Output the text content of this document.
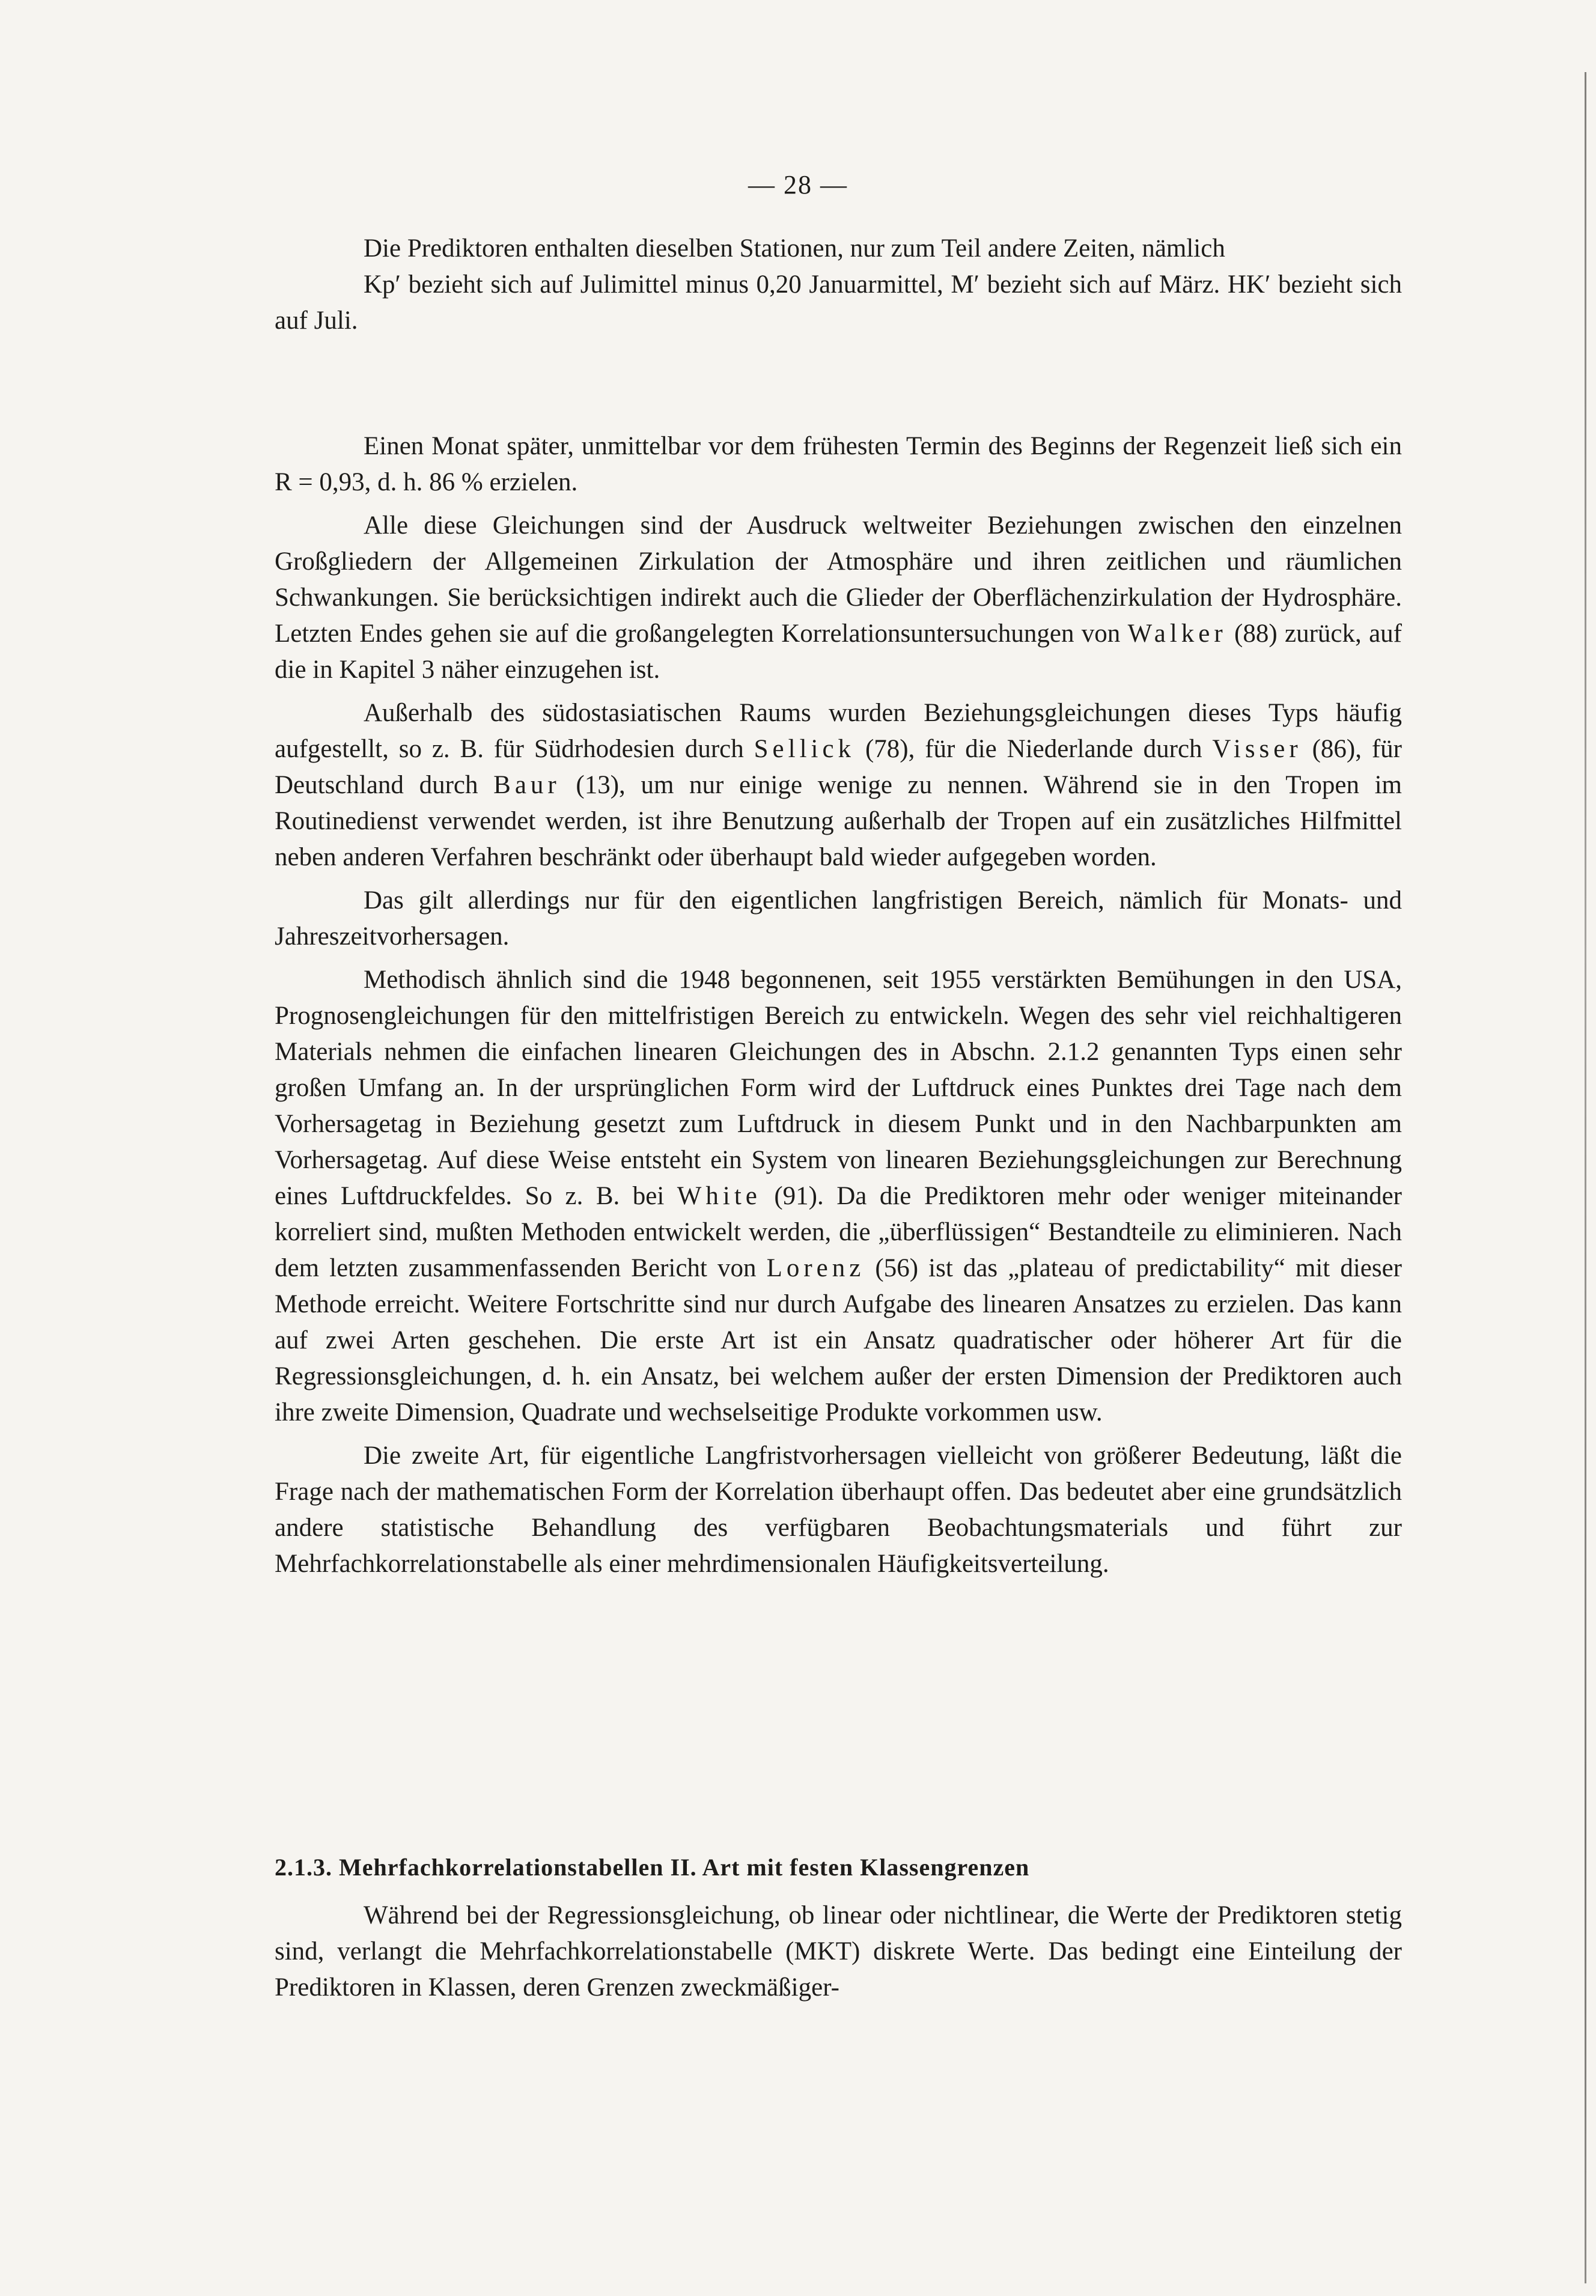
— 28 —

Die Prediktoren enthalten dieselben Stationen, nur zum Teil andere Zeiten, nämlich

Kp′ bezieht sich auf Julimittel minus 0,20 Januarmittel, M′ bezieht sich auf März. HK′ bezieht sich auf Juli.

Einen Monat später, unmittelbar vor dem frühesten Termin des Beginns der Regenzeit ließ sich ein R = 0,93, d. h. 86 % erzielen.

Alle diese Gleichungen sind der Ausdruck weltweiter Beziehungen zwischen den einzelnen Großgliedern der Allgemeinen Zirkulation der Atmosphäre und ihren zeitlichen und räumlichen Schwankungen. Sie berücksichtigen indirekt auch die Glieder der Oberflächenzirkulation der Hydrosphäre. Letzten Endes gehen sie auf die großangelegten Korrelationsuntersuchungen von Walker (88) zurück, auf die in Kapitel 3 näher einzugehen ist.

Außerhalb des südostasiatischen Raums wurden Beziehungsgleichungen dieses Typs häufig aufgestellt, so z. B. für Südrhodesien durch Sellick (78), für die Niederlande durch Visser (86), für Deutschland durch Baur (13), um nur einige wenige zu nennen. Während sie in den Tropen im Routinedienst verwendet werden, ist ihre Benutzung außerhalb der Tropen auf ein zusätzliches Hilfmittel neben anderen Verfahren beschränkt oder überhaupt bald wieder aufgegeben worden.

Das gilt allerdings nur für den eigentlichen langfristigen Bereich, nämlich für Monats- und Jahreszeitvorhersagen.

Methodisch ähnlich sind die 1948 begonnenen, seit 1955 verstärkten Bemühungen in den USA, Prognosengleichungen für den mittelfristigen Bereich zu entwickeln. Wegen des sehr viel reichhaltigeren Materials nehmen die einfachen linearen Gleichungen des in Abschn. 2.1.2 genannten Typs einen sehr großen Umfang an. In der ursprünglichen Form wird der Luftdruck eines Punktes drei Tage nach dem Vorhersagetag in Beziehung gesetzt zum Luftdruck in diesem Punkt und in den Nachbarpunkten am Vorhersagetag. Auf diese Weise entsteht ein System von linearen Beziehungsgleichungen zur Berechnung eines Luftdruckfeldes. So z. B. bei White (91). Da die Prediktoren mehr oder weniger miteinander korreliert sind, mußten Methoden entwickelt werden, die „überflüssigen“ Bestandteile zu eliminieren. Nach dem letzten zusammenfassenden Bericht von Lorenz (56) ist das „plateau of predictability“ mit dieser Methode erreicht. Weitere Fortschritte sind nur durch Aufgabe des linearen Ansatzes zu erzielen. Das kann auf zwei Arten geschehen. Die erste Art ist ein Ansatz quadratischer oder höherer Art für die Regressionsgleichungen, d. h. ein Ansatz, bei welchem außer der ersten Dimension der Prediktoren auch ihre zweite Dimension, Quadrate und wechselseitige Produkte vorkommen usw.

Die zweite Art, für eigentliche Langfristvorhersagen vielleicht von größerer Bedeutung, läßt die Frage nach der mathematischen Form der Korrelation überhaupt offen. Das bedeutet aber eine grundsätzlich andere statistische Behandlung des verfügbaren Beobachtungsmaterials und führt zur Mehrfachkorrelationstabelle als einer mehrdimensionalen Häufigkeitsverteilung.

2.1.3. Mehrfachkorrelationstabellen II. Art mit festen Klassengrenzen

Während bei der Regressionsgleichung, ob linear oder nichtlinear, die Werte der Prediktoren stetig sind, verlangt die Mehrfachkorrelationstabelle (MKT) diskrete Werte. Das bedingt eine Einteilung der Prediktoren in Klassen, deren Grenzen zweckmäßiger-
